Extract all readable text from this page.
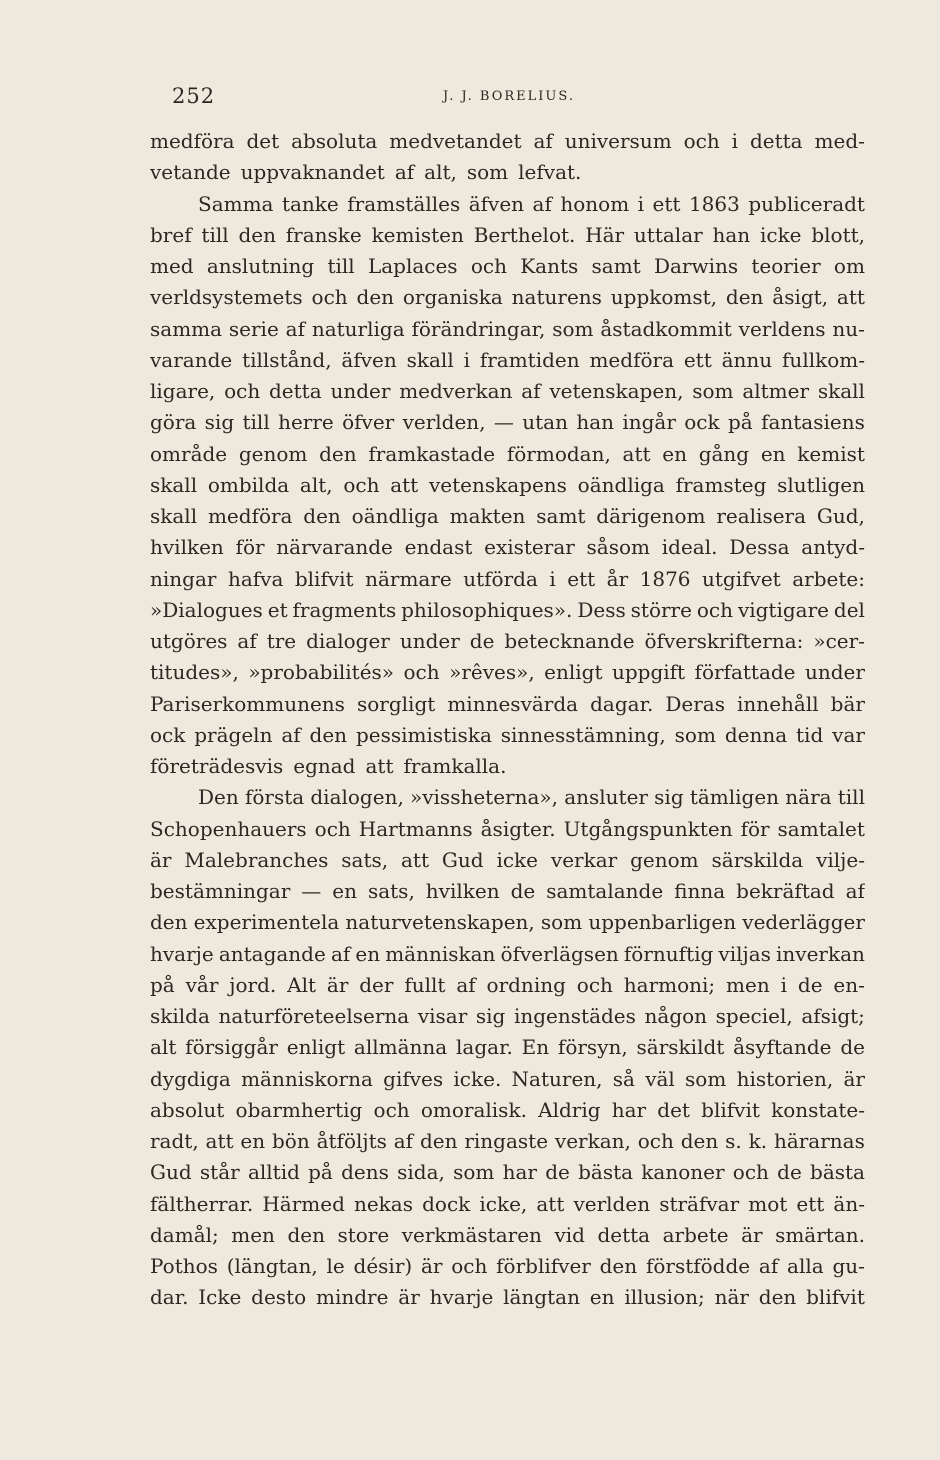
252	J. J. BORELIUS.
medföra det absoluta medvetandet af universum och i detta med-
vetande uppvaknandet af alt, som lefvat.
Samma tanke framställes äfven af honom i ett 1863 publiceradt
bref till den franske kemisten Berthelot. Här uttalar han icke blott,
med anslutning till Laplaces och Kants samt Darwins teorier om
verldsystemets och den organiska naturens uppkomst, den åsigt, att
samma serie af naturliga förändringar, som åstadkommit verldens nu-
varande tillstånd, äfven skall i framtiden medföra ett ännu fullkom-
ligare, och detta under medverkan af vetenskapen, som altmer skall
göra sig till herre öfver verlden, — utan han ingår ock på fantasiens
område genom den framkastade förmodan, att en gång en kemist
skall ombilda alt, och att vetenskapens oändliga framsteg slutligen
skall medföra den oändliga makten samt därigenom realisera Gud,
hvilken för närvarande endast existerar såsom ideal. Dessa antyd-
ningar hafva blifvit närmare utförda i ett år 1876 utgifvet arbete:
»Dialogues et fragments philosophiques». Dess större och vigtigare del
utgöres af tre dialoger under de betecknande öfverskrifterna: »cer-
titudes», »probabilités» och »rêves», enligt uppgift författade under
Pariserkommunens sorgligt minnesvärda dagar. Deras innehåll bär
ock prägeln af den pessimistiska sinnesstämning, som denna tid var
företrädesvis egnad att framkalla.
Den första dialogen, »vissheterna», ansluter sig tämligen nära till
Schopenhauers och Hartmanns åsigter. Utgångspunkten för samtalet
är Malebranches sats, att Gud icke verkar genom särskilda vilje-
bestämningar — en sats, hvilken de samtalande finna bekräftad af
den experimentela naturvetenskapen, som uppenbarligen vederlägger
hvarje antagande af en människan öfverlägsen förnuftig viljas inverkan
på vår jord. Alt är der fullt af ordning och harmoni; men i de en-
skilda naturföreteelserna visar sig ingenstädes någon speciel, afsigt;
alt försiggår enligt allmänna lagar. En försyn, särskildt åsyftande de
dygdiga människorna gifves icke. Naturen, så väl som historien, är
absolut obarmhertig och omoralisk. Aldrig har det blifvit konstate-
radt, att en bön åtföljts af den ringaste verkan, och den s. k. härarnas
Gud står alltid på dens sida, som har de bästa kanoner och de bästa
fältherrar. Härmed nekas dock icke, att verlden sträfvar mot ett än-
damål; men den store verkmästaren vid detta arbete är smärtan.
Pothos (längtan, le désir) är och förblifver den förstfödde af alla gu-
dar. Icke desto mindre är hvarje längtan en illusion; när den blifvit
